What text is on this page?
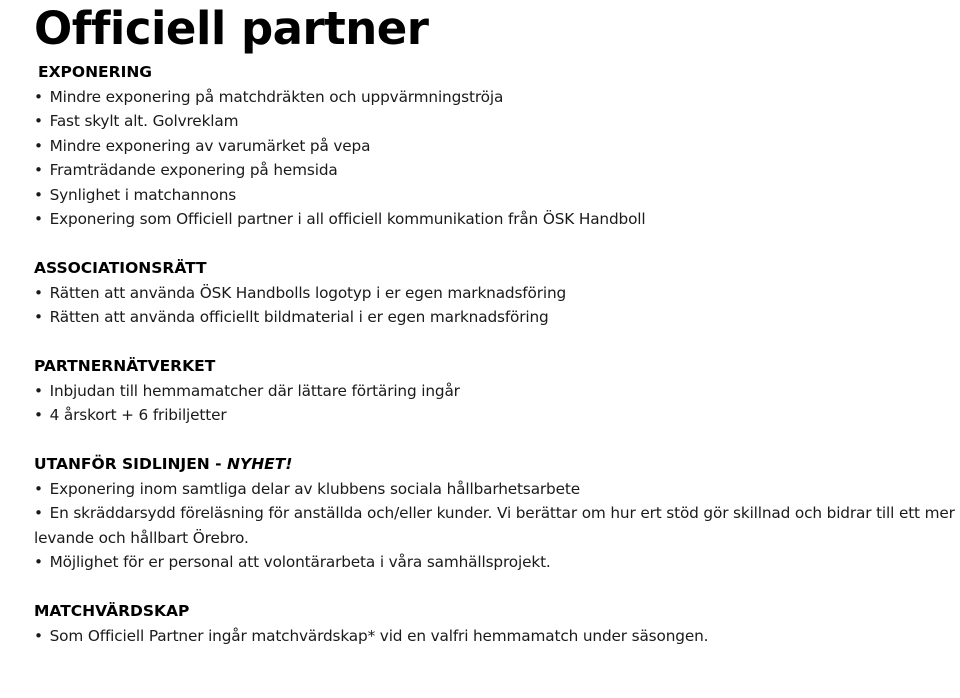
Officiell partner
EXPONERING
• Mindre exponering på matchdräkten och uppvärmningströja
• Fast skylt alt. Golvreklam
• Mindre exponering av varumärket på vepa
• Framträdande exponering på hemsida
• Synlighet i matchannons
• Exponering som Officiell partner i all officiell kommunikation från ÖSK Handboll
ASSOCIATIONSRÄTT
• Rätten att använda ÖSK Handbolls logotyp i er egen marknadsföring
• Rätten att använda officiellt bildmaterial i er egen marknadsföring
PARTNERNÄTVERKET
• Inbjudan till hemmamatcher där lättare förtäring ingår
• 4 årskort + 6 fribiljetter
UTANFÖR SIDLINJEN - NYHET!
• Exponering inom samtliga delar av klubbens sociala hållbarhetsarbete
• En skräddarsydd föreläsning för anställda och/eller kunder. Vi berättar om hur ert stöd gör skillnad och bidrar till ett mer levande och hållbart Örebro.
• Möjlighet för er personal att volontärarbeta i våra samhällsprojekt.
MATCHVÄRDSKAP
• Som Officiell Partner ingår matchvärdskap* vid en valfri hemmamatch under säsongen.
